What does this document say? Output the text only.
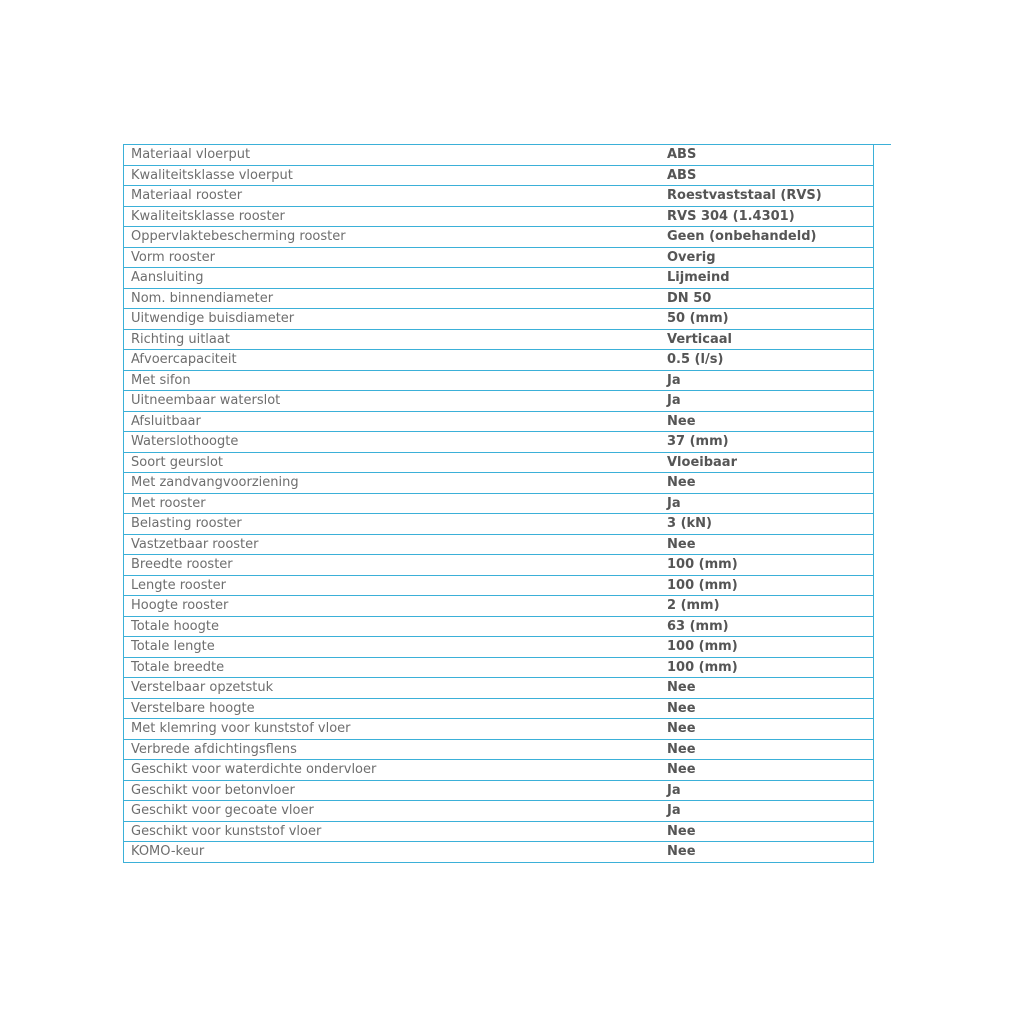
Materiaal vloerput	ABS
Kwaliteitsklasse vloerput	ABS
Materiaal rooster	Roestvaststaal (RVS)
Kwaliteitsklasse rooster	RVS 304 (1.4301)
Oppervlaktebescherming rooster	Geen (onbehandeld)
Vorm rooster	Overig
Aansluiting	Lijmeind
Nom. binnendiameter	DN 50
Uitwendige buisdiameter	50 (mm)
Richting uitlaat	Verticaal
Afvoercapaciteit	0.5 (l/s)
Met sifon	Ja
Uitneembaar waterslot	Ja
Afsluitbaar	Nee
Waterslothoogte	37 (mm)
Soort geurslot	Vloeibaar
Met zandvangvoorziening	Nee
Met rooster	Ja
Belasting rooster	3 (kN)
Vastzetbaar rooster	Nee
Breedte rooster	100 (mm)
Lengte rooster	100 (mm)
Hoogte rooster	2 (mm)
Totale hoogte	63 (mm)
Totale lengte	100 (mm)
Totale breedte	100 (mm)
Verstelbaar opzetstuk	Nee
Verstelbare hoogte	Nee
Met klemring voor kunststof vloer	Nee
Verbrede afdichtingsflens	Nee
Geschikt voor waterdichte ondervloer	Nee
Geschikt voor betonvloer	Ja
Geschikt voor gecoate vloer	Ja
Geschikt voor kunststof vloer	Nee
KOMO-keur	Nee
